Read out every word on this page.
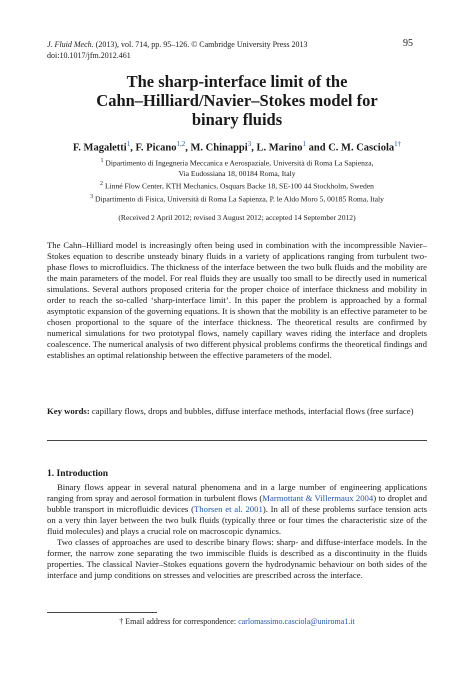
J. Fluid Mech. (2013), vol. 714, pp. 95–126. © Cambridge University Press 2013
doi:10.1017/jfm.2012.461
95
The sharp-interface limit of the
Cahn–Hilliard/Navier–Stokes model for
binary fluids
F. Magaletti$^1$, F. Picano$^{1,2}$, M. Chinappi$^3$, L. Marino$^1$ and C. M. Casciola$^{1\dagger}$
$^1$ Dipartimento di Ingegneria Meccanica e Aerospaziale, Università di Roma La Sapienza,
Via Eudossiana 18, 00184 Roma, Italy
$^2$ Linné Flow Center, KTH Mechanics, Osquars Backe 18, SE-100 44 Stockholm, Sweden
$^3$ Dipartimento di Fisica, Università di Roma La Sapienza, P. le Aldo Moro 5, 00185 Roma, Italy
(Received 2 April 2012; revised 3 August 2012; accepted 14 September 2012)
The Cahn–Hilliard model is increasingly often being used in combination with the incompressible Navier–Stokes equation to describe unsteady binary fluids in a variety of applications ranging from turbulent two-phase flows to microfluidics. The thickness of the interface between the two bulk fluids and the mobility are the main parameters of the model. For real fluids they are usually too small to be directly used in numerical simulations. Several authors proposed criteria for the proper choice of interface thickness and mobility in order to reach the so-called ‘sharp-interface limit’. In this paper the problem is approached by a formal asymptotic expansion of the governing equations. It is shown that the mobility is an effective parameter to be chosen proportional to the square of the interface thickness. The theoretical results are confirmed by numerical simulations for two prototypal flows, namely capillary waves riding the interface and droplets coalescence. The numerical analysis of two different physical problems confirms the theoretical findings and establishes an optimal relationship between the effective parameters of the model.
Key words: capillary flows, drops and bubbles, diffuse interface methods, interfacial flows (free surface)
1. Introduction

Binary flows appear in several natural phenomena and in a large number of engineering applications ranging from spray and aerosol formation in turbulent flows (Marmottant & Villermaux 2004) to droplet and bubble transport in microfluidic devices (Thorsen et al. 2001). In all of these problems surface tension acts on a very thin layer between the two bulk fluids (typically three or four times the characteristic size of the fluid molecules) and plays a crucial role on macroscopic dynamics.

Two classes of approaches are used to describe binary flows: sharp- and diffuse-interface models. In the former, the narrow zone separating the two immiscible fluids is described as a discontinuity in the fluids properties. The classical Navier–Stokes equations govern the hydrodynamic behaviour on both sides of the interface and jump conditions on stresses and velocities are prescribed across the interface.

† Email address for correspondence: carlomassimo.casciola@uniroma1.it
